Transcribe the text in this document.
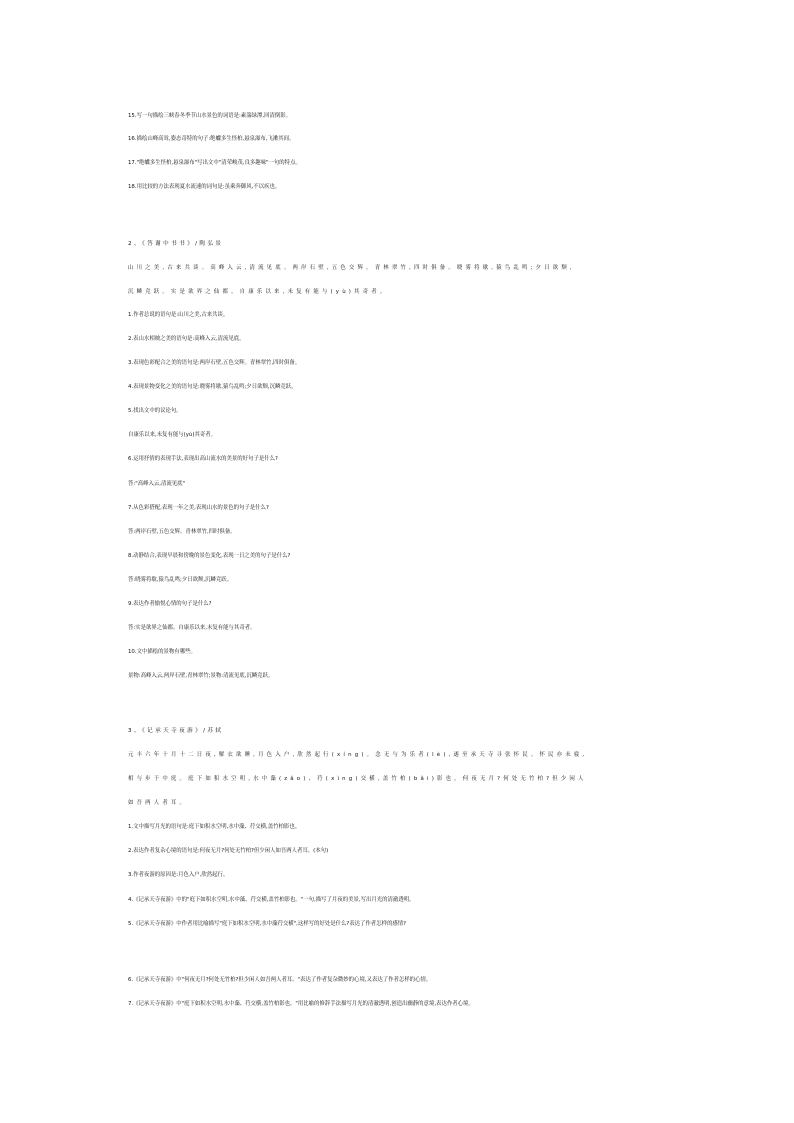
15.写一句描绘三峡春冬季节山水景色的词语是:素湍绿潭,回清倒影。
16.描绘山峰高耸,姿态奇特的句子:绝巘多生怪柏,悬泉瀑布,飞漱其间。
17."绝巘多生怪柏,悬泉瀑布"写出文中"清荣峻茂,良多趣味"一句的特点。
18.用比较的方法表现夏水流速的词句是:虽乘奔御风,不以疾也。
2、《答谢中书书》/陶弘景
山川之美,古来共谈。高峰入云,清流见底。两岸石壁,五色交辉。青林翠竹,四时俱备。晓雾将歇,猿鸟乱鸣;夕日欲颓,
沉鳞竞跃。实是欲界之仙都。自康乐以来,未复有能与(yù)其奇者。
1.作者总说的语句是:山川之美,古来共谈。
2.表山水相映之美的语句是:高峰入云,清流见底。
3.表现色彩配合之美的语句是:两岸石壁,五色交辉。青林翠竹,四时俱备。
4.表现景物变化之美的语句是:晓雾将歇,猿鸟乱鸣;夕日欲颓,沉鳞竞跃。
5.找出文中的议论句。
自康乐以来,未复有能与(yù)其奇者。
6.运用抒情的表现手法,表现出高山流水的美景的好句子是什么?
答:"高峰入云,清流见底"
7.从色彩搭配,表现一年之美,表现山水的景色的句子是什么?
答:两岸石壁,五色交辉。青林翠竹,四时俱备。
8.动静结合,表现早晨和傍晚的景色变化,表现一日之美的句子是什么?
答:晓雾将歇,猿鸟乱鸣;夕日欲颓,沉鳞竞跃。
9.表达作者愉悦心情的句子是什么?
答:实是欲界之仙都。自康乐以来,未复有能与其奇者。
10.文中描绘的景物有哪些。
景物:高峰入云,两岸石壁,青林翠竹;景物:清流见底,沉鳞竞跃。
3、《记承天寺夜游》/苏轼
元丰六年十月十二日夜,解衣欲睡,月色入户,欣然起行(xíng)。念无与为乐者(lè),遂至承天寺寻张怀民。怀民亦未寝,
相与步于中庭。庭下如积水空明,水中藻(zǎo)、荇(xìng)交横,盖竹柏(bǎi)影也。何夜无月?何处无竹柏?但少闲人
如吾两人者耳。
1.文中描写月光的语句是:庭下如积水空明,水中藻、荇交横,盖竹柏影也。
2.表达作者复杂心境的语句是:何夜无月?何处无竹柏?但少闲人如吾两人者耳。(本句)
3.作者夜游的原因是:月色入户,欣然起行。
4.《记承天寺夜游》中的"庭下如积水空明,水中藻、荇交横,盖竹柏影也。"一句,描写了月夜的美景,写出月光的清澈透明。
5.《记承天寺夜游》中作者用比喻描写"庭下如积水空明,水中藻荇交横",这样写的好处是什么?表达了作者怎样的感情?
6.《记承天寺夜游》中"何夜无月?何处无竹柏?但少闲人如吾两人者耳。"表达了作者复杂微妙的心境,又表达了作者怎样的心情。
7.《记承天寺夜游》中"庭下如积水空明,水中藻、荇交横,盖竹柏影也。"用比喻的修辞手法描写月光的清澈透明,创造出幽静的意境,表达作者心境。
